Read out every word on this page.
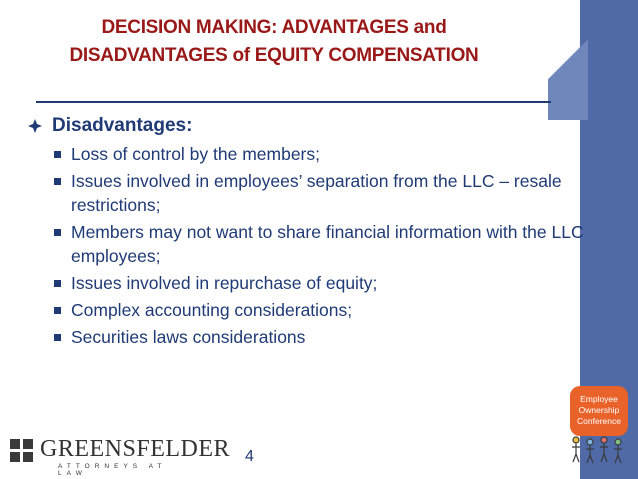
DECISION MAKING: ADVANTAGES and
DISADVANTAGES of EQUITY COMPENSATION
Disadvantages:
Loss of control by the members;
Issues involved in employees’ separation from the LLC – resale restrictions;
Members may not want to share financial information with the LLC employees;
Issues involved in repurchase of equity;
Complex accounting considerations;
Securities laws considerations
GREENSFELDER
ATTORNEYS AT LAW
4
Employee
Ownership
Conference
